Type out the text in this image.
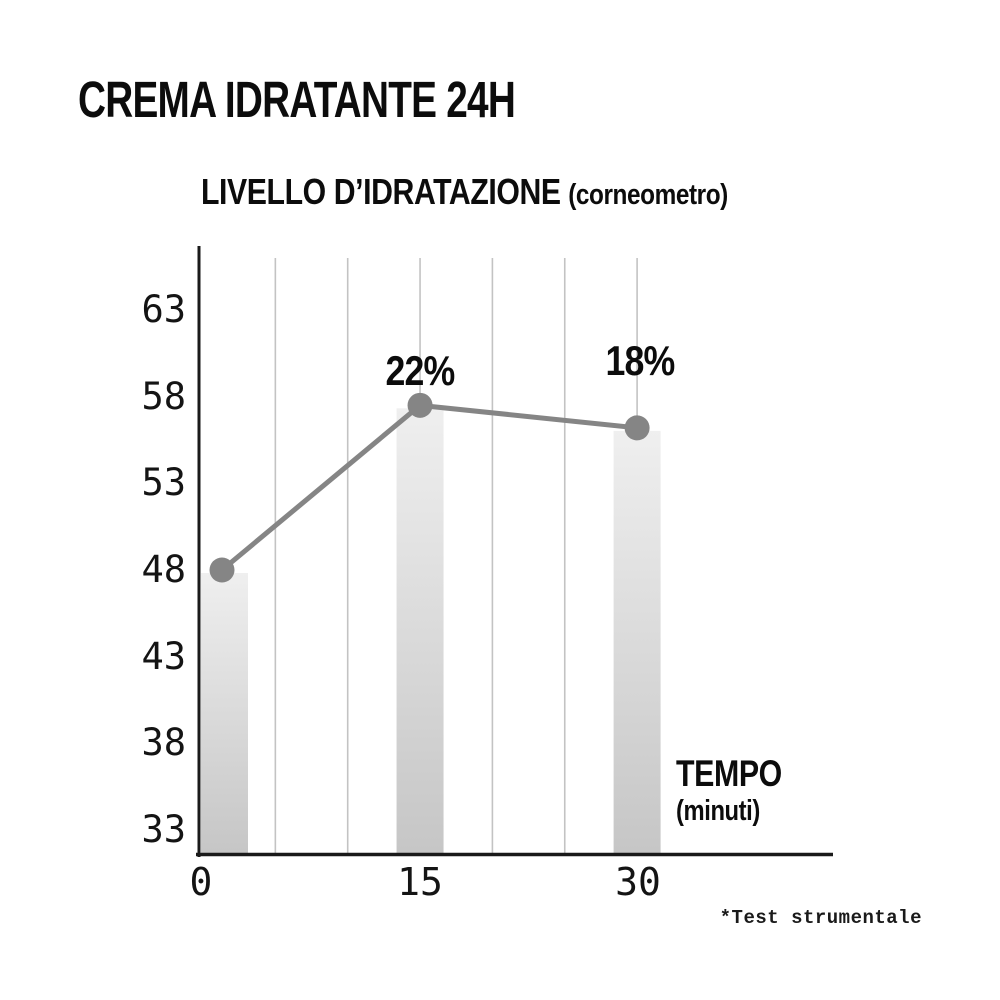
CREMA IDRATANTE 24H
LIVELLO D’IDRATAZIONE (corneometro)
63
58
53
48
43
38
33
0	15	30
22%	18%
TEMPO
(minuti)
*Test strumentale
